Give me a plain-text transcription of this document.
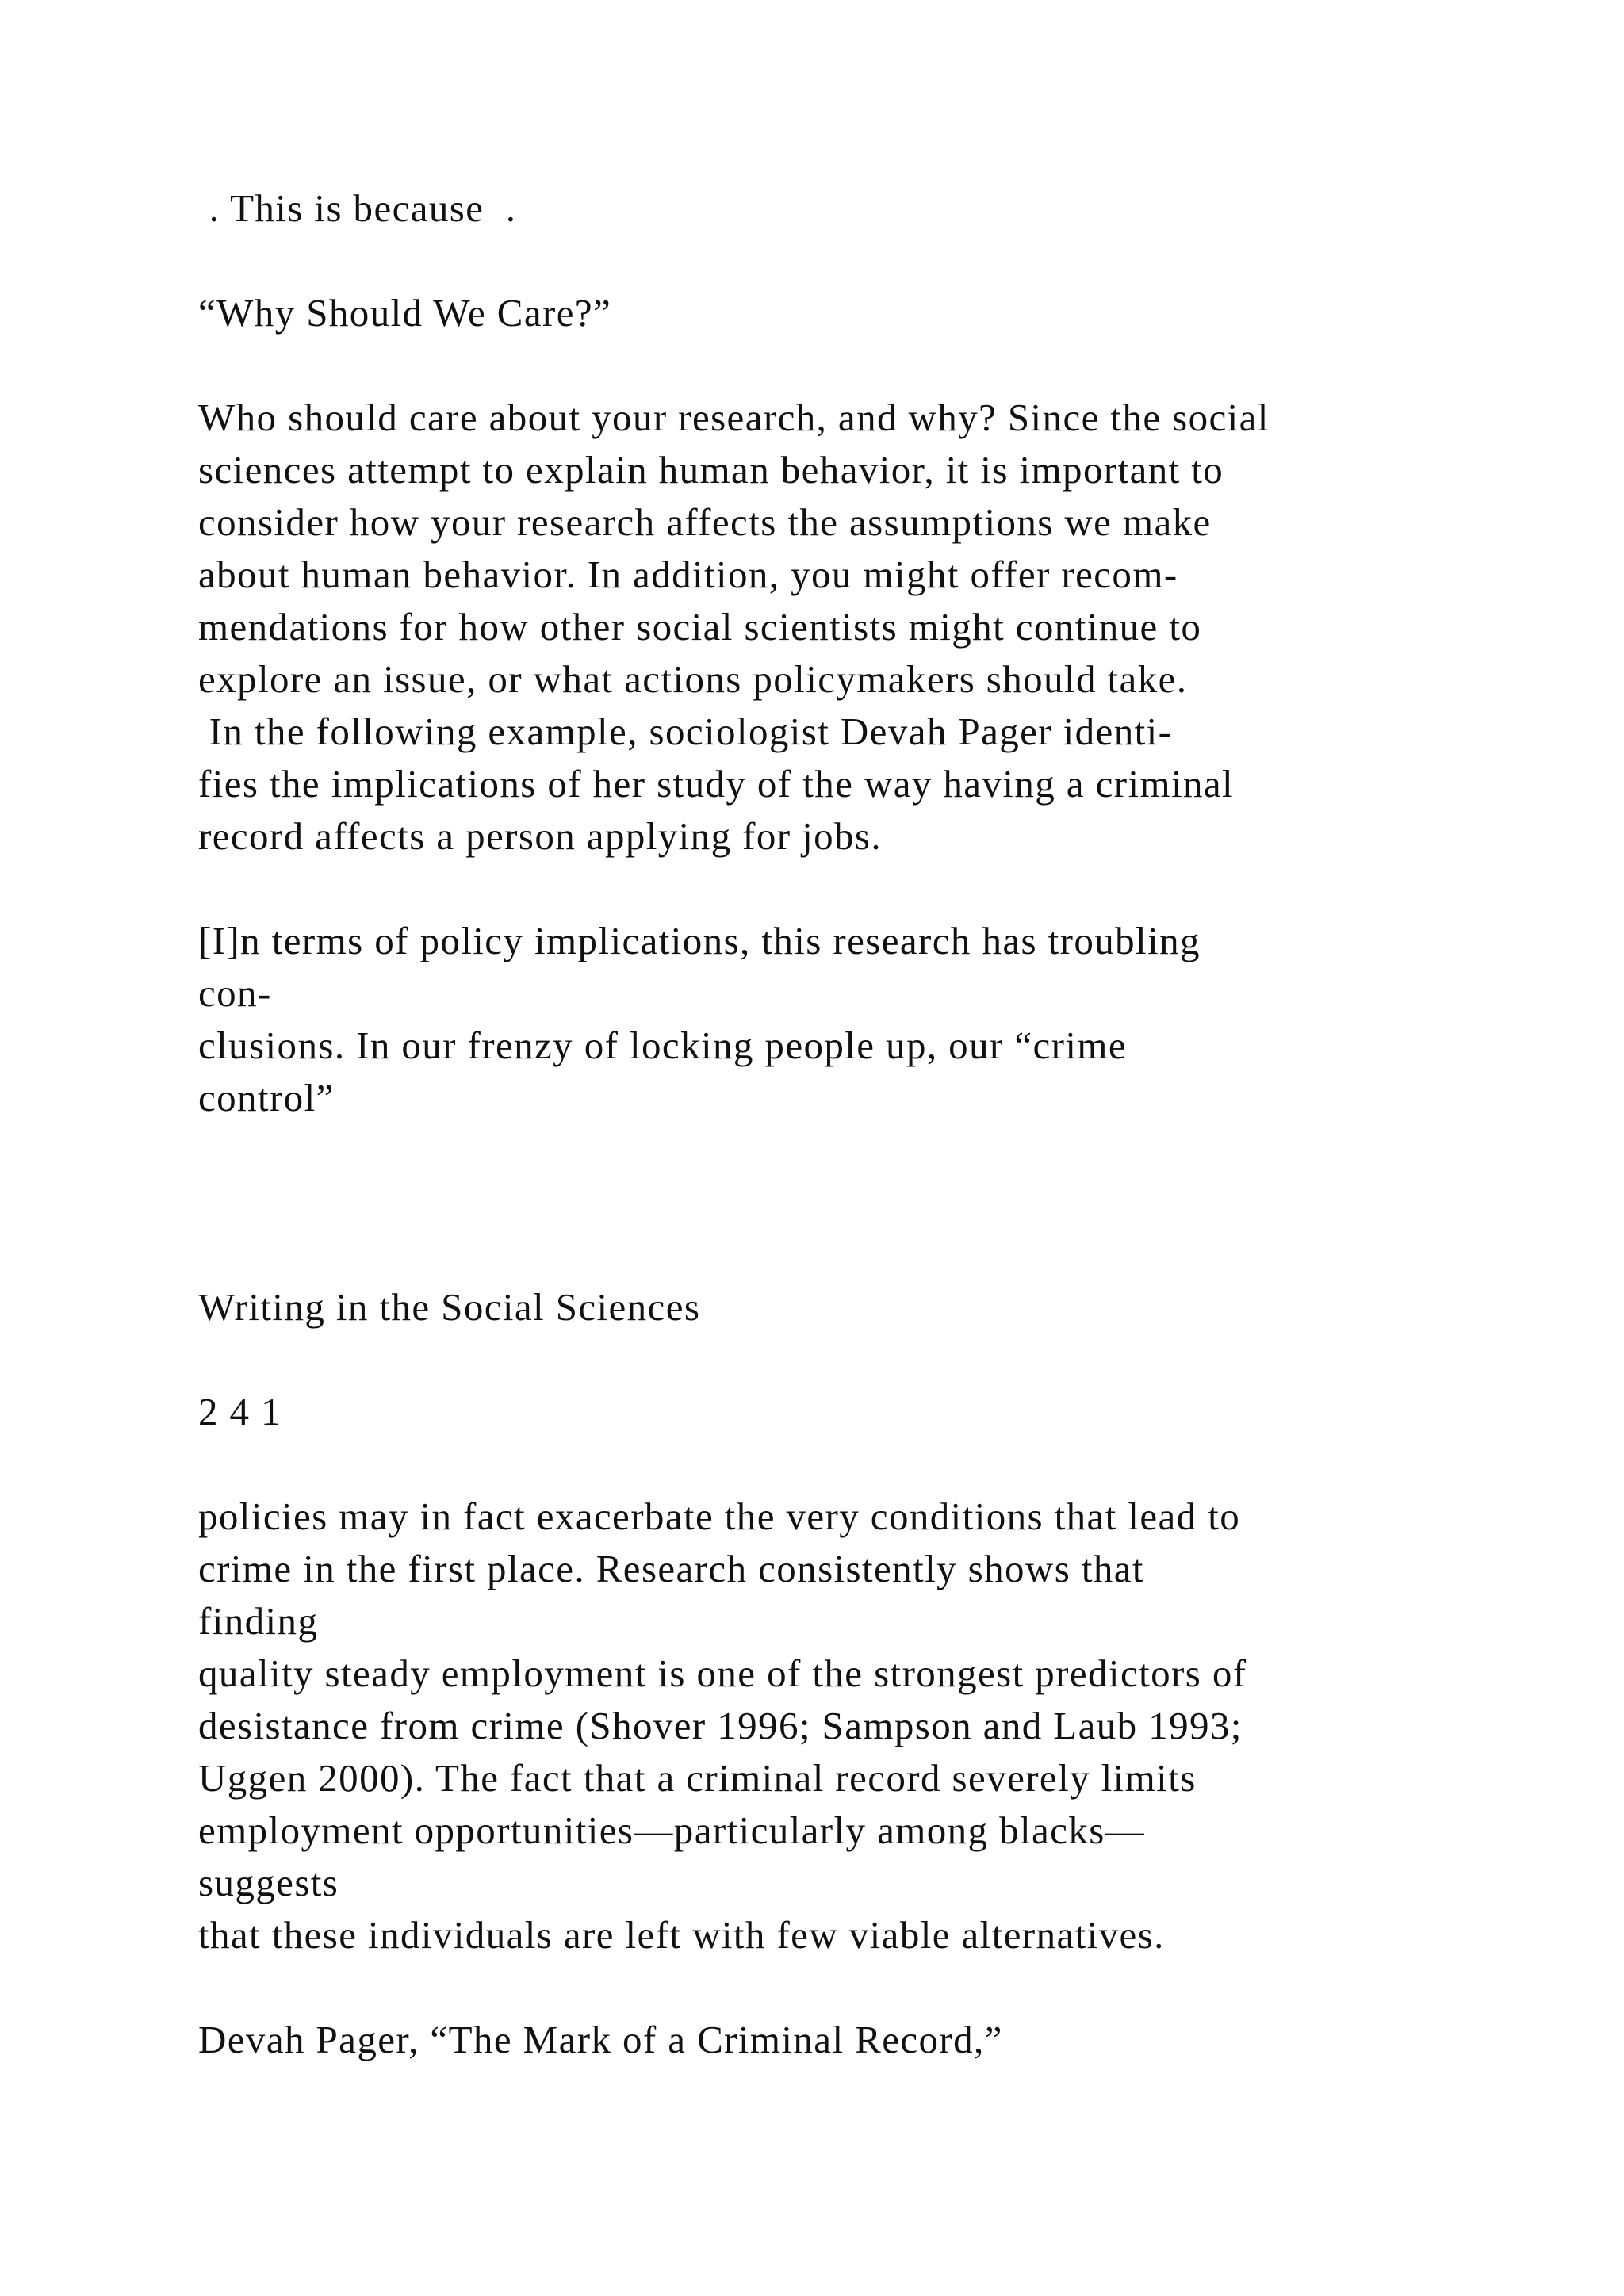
. This is because  .
“Why Should We Care?”
Who should care about your research, and why? Since the social
sciences attempt to explain human behavior, it is important to
consider how your research affects the assumptions we make
about human behavior. In addition, you might offer recom-
mendations for how other social scientists might continue to
explore an issue, or what actions policymakers should take.
In the following example, sociologist Devah Pager identi-
fies the implications of her study of the way having a criminal
record affects a person applying for jobs.
[I]n terms of policy implications, this research has troubling
con-
clusions. In our frenzy of locking people up, our “crime
control”
Writing in the Social Sciences
2 4 1
policies may in fact exacerbate the very conditions that lead to
crime in the first place. Research consistently shows that
finding
quality steady employment is one of the strongest predictors of
desistance from crime (Shover 1996; Sampson and Laub 1993;
Uggen 2000). The fact that a criminal record severely limits
employment opportunities—particularly among blacks—
suggests
that these individuals are left with few viable alternatives.
Devah Pager, “The Mark of a Criminal Record,”
